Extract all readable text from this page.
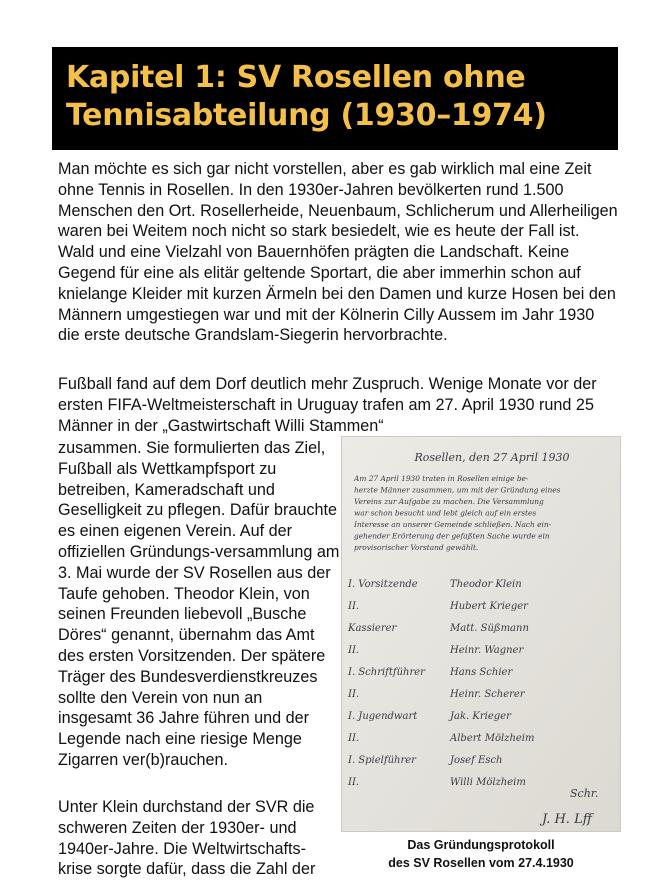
Kapitel 1: SV Rosellen ohne Tennisabteilung (1930–1974)

Man möchte es sich gar nicht vorstellen, aber es gab wirklich mal eine Zeit ohne Tennis in Rosellen. In den 1930er-Jahren bevölkerten rund 1.500 Menschen den Ort. Rosellerheide, Neuenbaum, Schlicherum und Allerheiligen waren bei Weitem noch nicht so stark besiedelt, wie es heute der Fall ist. Wald und eine Vielzahl von Bauernhöfen prägten die Landschaft. Keine Gegend für eine als elitär geltende Sportart, die aber immerhin schon auf knielange Kleider mit kurzen Ärmeln bei den Damen und kurze Hosen bei den Männern umgestiegen war und mit der Kölnerin Cilly Aussem im Jahr 1930 die erste deutsche Grandslam-Siegerin hervorbrachte.

Fußball fand auf dem Dorf deutlich mehr Zuspruch. Wenige Monate vor der ersten FIFA-Weltmeisterschaft in Uruguay trafen am 27. April 1930 rund 25 Männer in der „Gastwirtschaft Willi Stammen“

zusammen. Sie formulierten das Ziel, Fußball als Wettkampfsport zu betreiben, Kameradschaft und Geselligkeit zu pflegen. Dafür brauchte es einen eigenen Verein. Auf der offiziellen Gründungs-versammlung am 3. Mai wurde der SV Rosellen aus der Taufe gehoben. Theodor Klein, von seinen Freunden liebevoll „Busche Döres“ genannt, übernahm das Amt des ersten Vorsitzenden. Der spätere Träger des Bundesverdienstkreuzes sollte den Verein von nun an insgesamt 36 Jahre führen und der Legende nach eine riesige Menge Zigarren ver(b)rauchen.

Unter Klein durchstand der SVR die schweren Zeiten der 1930er- und 1940er-Jahre. Die Weltwirtschafts-krise sorgte dafür, dass die Zahl der

Rosellen, den 27 April 1930
Am 27 April 1930 traten in Rosellen einige be-
herzte Männer zusammen, um mit der Gründung eines
Vereins zur Aufgabe zu machen. Die Versammlung
war schon besucht und lebt gleich auf ein erstes
Interesse an unserer Gemeinde schließen. Nach ein-
gehender Erörterung der gefaßten Sache wurde ein
provisorischer Vorstand gewählt.
I. Vorsitzende	Theodor Klein
II.	Hubert Krieger
Kassierer	Matt. Süßmann
II.	Heinr. Wagner
I. Schriftführer	Hans Schier
II.	Heinr. Scherer
I. Jugendwart	Jak. Krieger
II.	Albert Mölzheim
I. Spielführer	Josef Esch
II.	Willi Mölzheim
Schr.
J. H. Lff
Das Gründungsprotokoll
des SV Rosellen vom 27.4.1930
